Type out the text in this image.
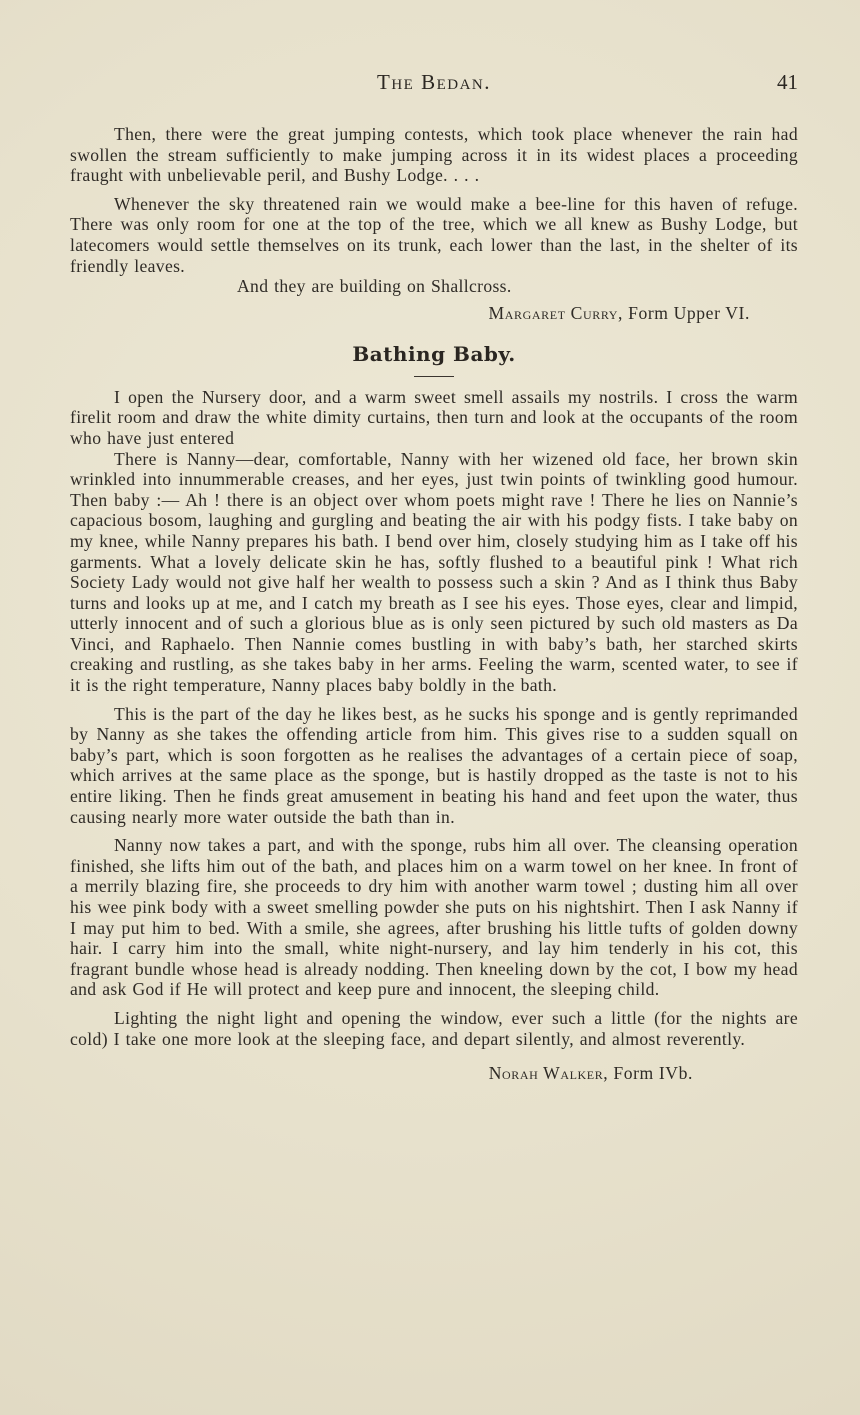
The Bedan.	41

Then, there were the great jumping contests, which took place whenever the rain had swollen the stream sufficiently to make jumping across it in its widest places a proceeding fraught with unbelievable peril, and Bushy Lodge. . . .

Whenever the sky threatened rain we would make a bee-line for this haven of refuge. There was only room for one at the top of the tree, which we all knew as Bushy Lodge, but latecomers would settle themselves on its trunk, each lower than the last, in the shelter of its friendly leaves.

And they are building on Shallcross.

Margaret Curry, Form Upper VI.
Bathing Baby.

I open the Nursery door, and a warm sweet smell assails my nostrils. I cross the warm firelit room and draw the white dimity curtains, then turn and look at the occupants of the room who have just entered

There is Nanny—dear, comfortable, Nanny with her wizened old face, her brown skin wrinkled into innummerable creases, and her eyes, just twin points of twinkling good humour. Then baby :— Ah ! there is an object over whom poets might rave ! There he lies on Nannie’s capacious bosom, laughing and gurgling and beating the air with his podgy fists. I take baby on my knee, while Nanny prepares his bath. I bend over him, closely studying him as I take off his garments. What a lovely delicate skin he has, softly flushed to a beautiful pink ! What rich Society Lady would not give half her wealth to possess such a skin ? And as I think thus Baby turns and looks up at me, and I catch my breath as I see his eyes. Those eyes, clear and limpid, utterly innocent and of such a glorious blue as is only seen pictured by such old masters as Da Vinci, and Raphaelo. Then Nannie comes bustling in with baby’s bath, her starched skirts creaking and rustling, as she takes baby in her arms. Feeling the warm, scented water, to see if it is the right temperature, Nanny places baby boldly in the bath.

This is the part of the day he likes best, as he sucks his sponge and is gently reprimanded by Nanny as she takes the offending article from him. This gives rise to a sudden squall on baby’s part, which is soon forgotten as he realises the advantages of a certain piece of soap, which arrives at the same place as the sponge, but is hastily dropped as the taste is not to his entire liking. Then he finds great amusement in beating his hand and feet upon the water, thus causing nearly more water outside the bath than in.

Nanny now takes a part, and with the sponge, rubs him all over. The cleansing operation finished, she lifts him out of the bath, and places him on a warm towel on her knee. In front of a merrily blazing fire, she proceeds to dry him with another warm towel ; dusting him all over his wee pink body with a sweet smelling powder she puts on his nightshirt. Then I ask Nanny if I may put him to bed. With a smile, she agrees, after brushing his little tufts of golden downy hair. I carry him into the small, white night-nursery, and lay him tenderly in his cot, this fragrant bundle whose head is already nodding. Then kneeling down by the cot, I bow my head and ask God if He will protect and keep pure and innocent, the sleeping child.

Lighting the night light and opening the window, ever such a little (for the nights are cold) I take one more look at the sleeping face, and depart silently, and almost reverently.

Norah Walker, Form IVb.
